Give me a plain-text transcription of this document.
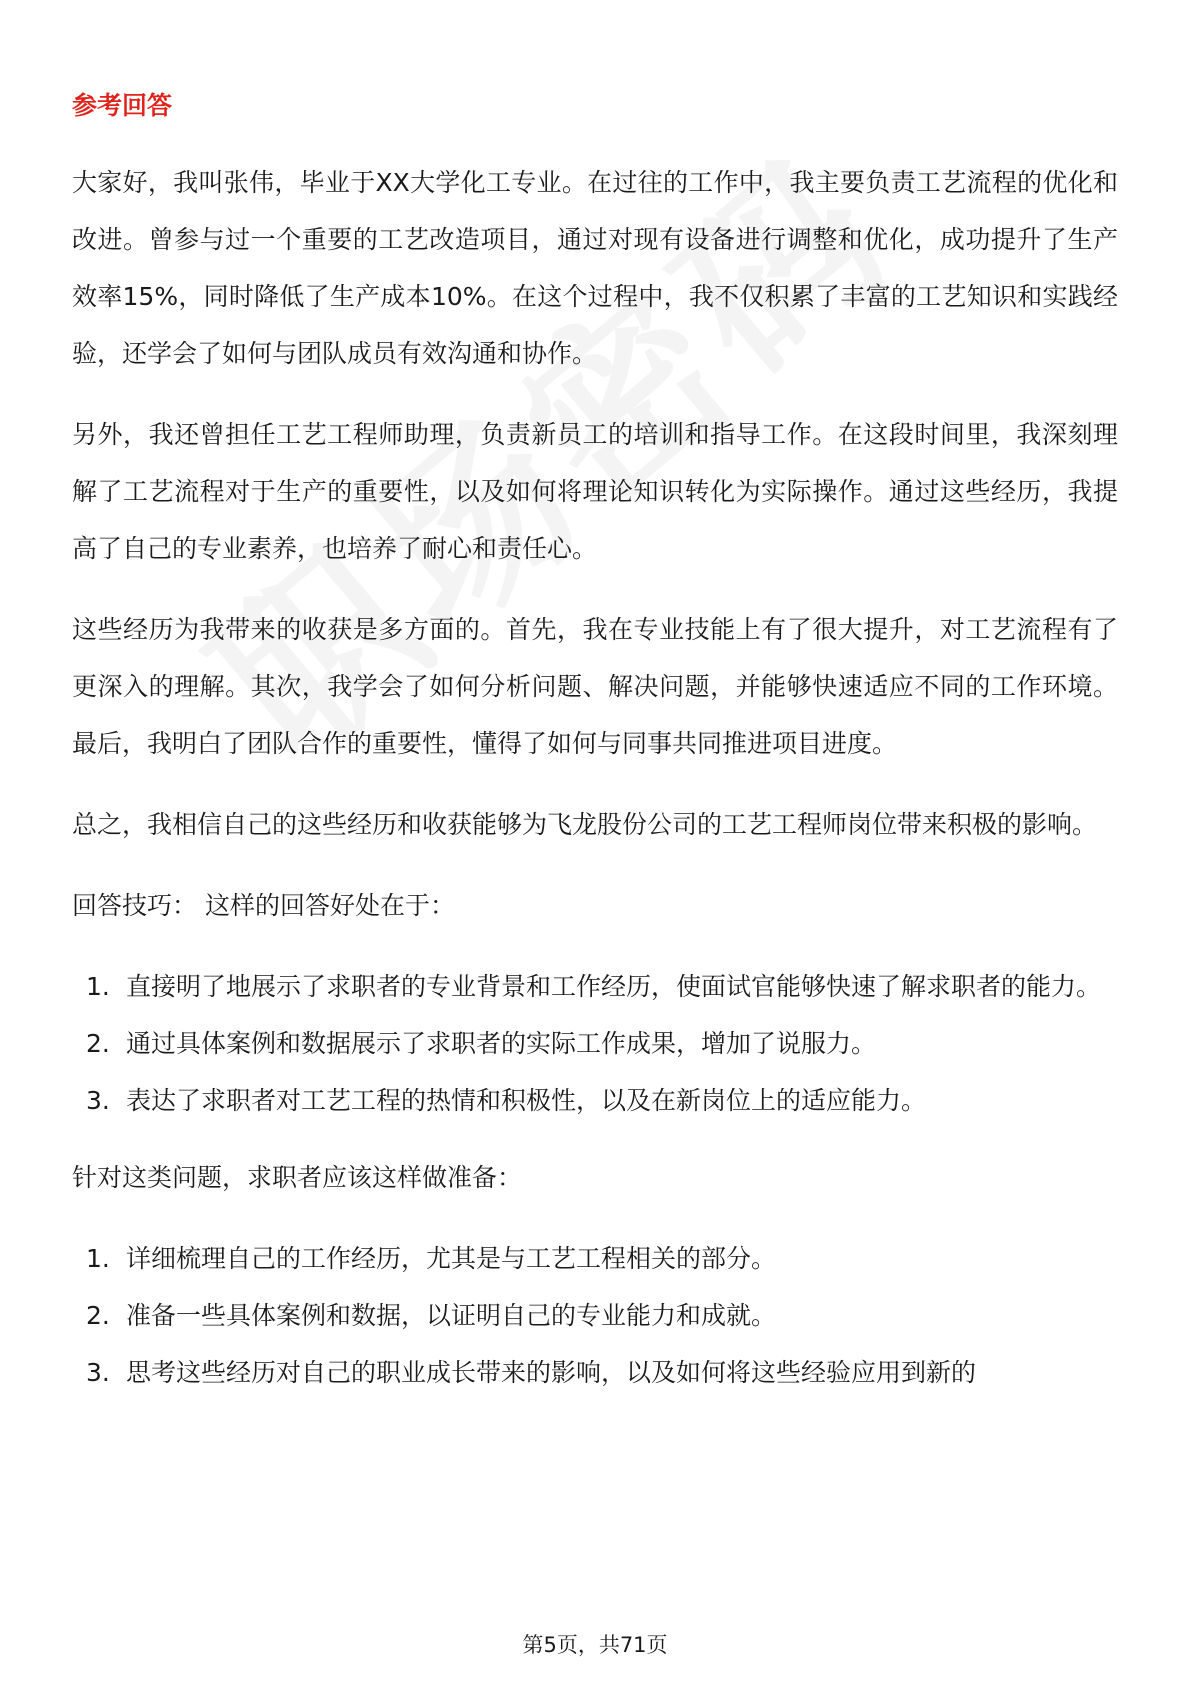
参考回答

大家好，我叫张伟，毕业于XX大学化工专业。在过往的工作中，我主要负责工艺流程的优化和改进。曾参与过一个重要的工艺改造项目，通过对现有设备进行调整和优化，成功提升了生产效率15%，同时降低了生产成本10%。在这个过程中，我不仅积累了丰富的工艺知识和实践经验，还学会了如何与团队成员有效沟通和协作。

另外，我还曾担任工艺工程师助理，负责新员工的培训和指导工作。在这段时间里，我深刻理解了工艺流程对于生产的重要性，以及如何将理论知识转化为实际操作。通过这些经历，我提高了自己的专业素养，也培养了耐心和责任心。

这些经历为我带来的收获是多方面的。首先，我在专业技能上有了很大提升，对工艺流程有了更深入的理解。其次，我学会了如何分析问题、解决问题，并能够快速适应不同的工作环境。最后，我明白了团队合作的重要性，懂得了如何与同事共同推进项目进度。

总之，我相信自己的这些经历和收获能够为飞龙股份公司的工艺工程师岗位带来积极的影响。

回答技巧： 这样的回答好处在于：

1. 直接明了地展示了求职者的专业背景和工作经历，使面试官能够快速了解求职者的能力。
2. 通过具体案例和数据展示了求职者的实际工作成果，增加了说服力。
3. 表达了求职者对工艺工程的热情和积极性，以及在新岗位上的适应能力。

针对这类问题，求职者应该这样做准备：

1. 详细梳理自己的工作经历，尤其是与工艺工程相关的部分。
2. 准备一些具体案例和数据，以证明自己的专业能力和成就。
3. 思考这些经历对自己的职业成长带来的影响，以及如何将这些经验应用到新的
第5页，共71页
